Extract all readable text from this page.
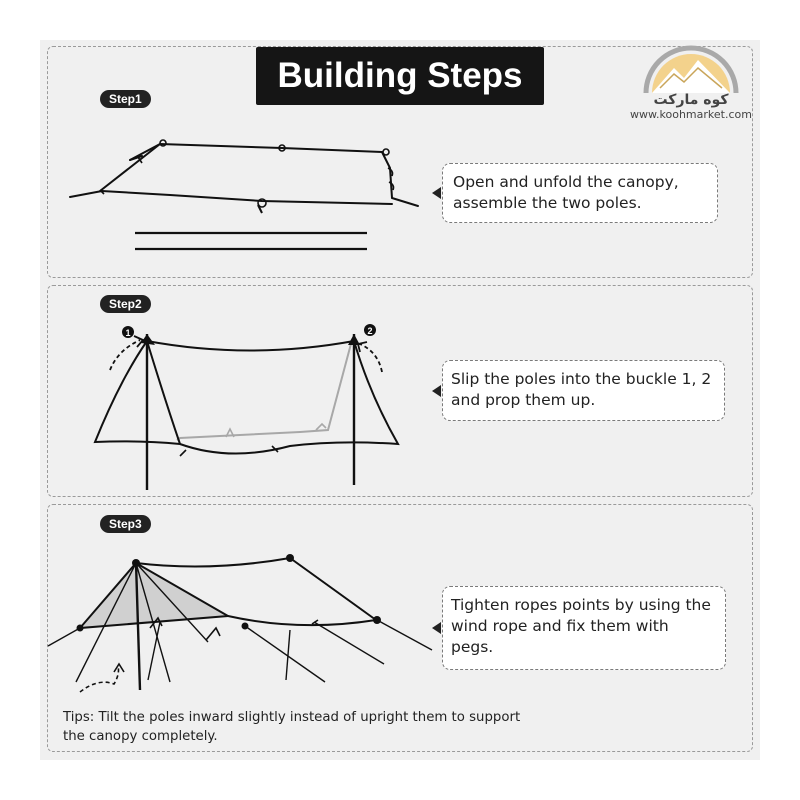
Building Steps
کوه مارکت
www.koohmarket.com
Step1
Step2
Step3
Open and unfold the canopy, assemble the two poles.
Slip the poles into the buckle 1, 2 and prop them up.
Tighten ropes points by using the wind rope and fix them with pegs.
1	2
Tips: Tilt the poles inward slightly instead of upright them to support the canopy completely.
